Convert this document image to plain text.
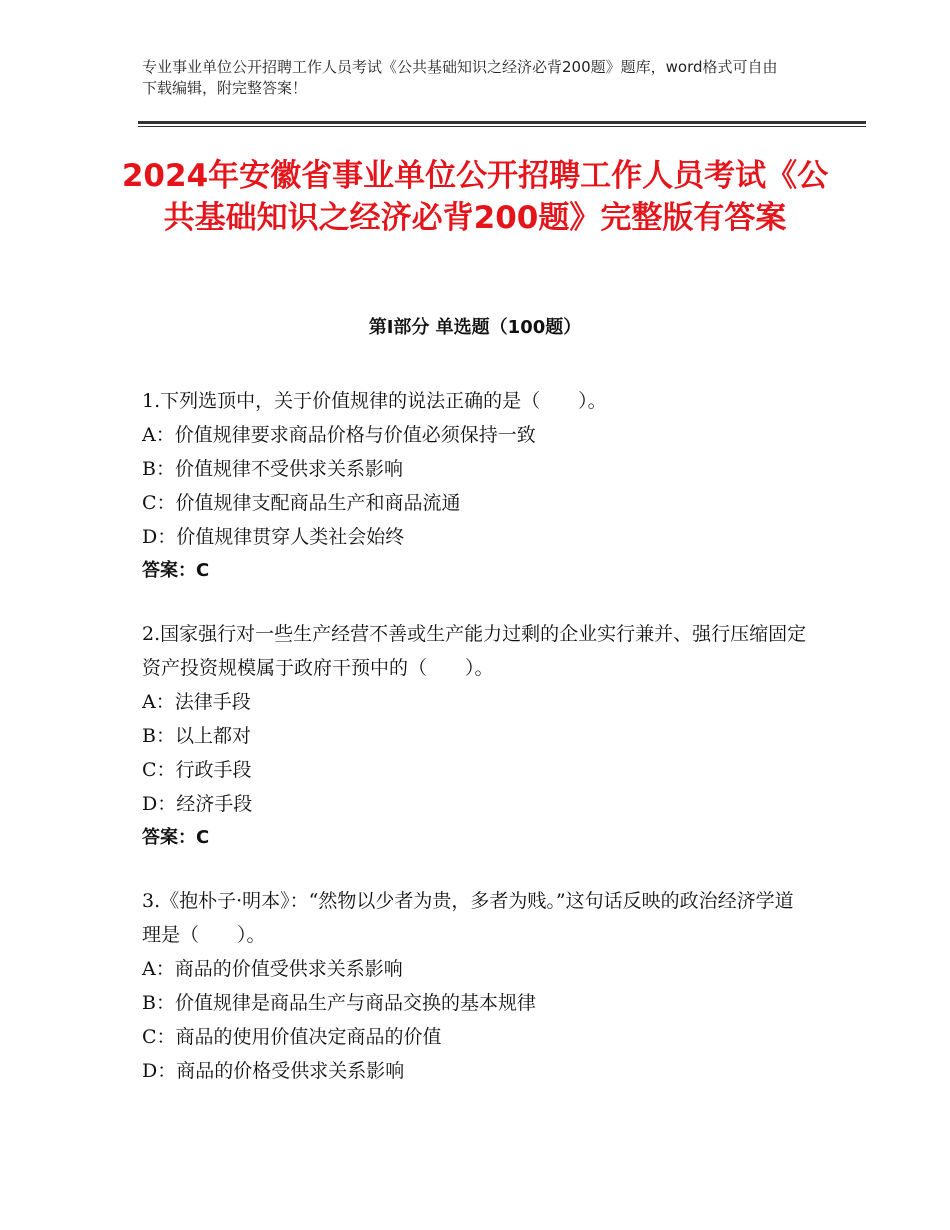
专业事业单位公开招聘工作人员考试《公共基础知识之经济必背200题》题库，word格式可自由下载编辑，附完整答案！
2024年安徽省事业单位公开招聘工作人员考试《公共基础知识之经济必背200题》完整版有答案
第Ⅰ部分 单选题（100题）
1.下列选顶中，关于价值规律的说法正确的是（　　）。
A：价值规律要求商品价格与价值必须保持一致
B：价值规律不受供求关系影响
C：价值规律支配商品生产和商品流通
D：价值规律贯穿人类社会始终
答案：C
2.国家强行对一些生产经营不善或生产能力过剩的企业实行兼并、强行压缩固定资产投资规模属于政府干预中的（　　）。
A：法律手段
B：以上都对
C：行政手段
D：经济手段
答案：C
3.《抱朴子·明本》：“然物以少者为贵，多者为贱。”这句话反映的政治经济学道理是（　　）。
A：商品的价值受供求关系影响
B：价值规律是商品生产与商品交换的基本规律
C：商品的使用价值决定商品的价值
D：商品的价格受供求关系影响
